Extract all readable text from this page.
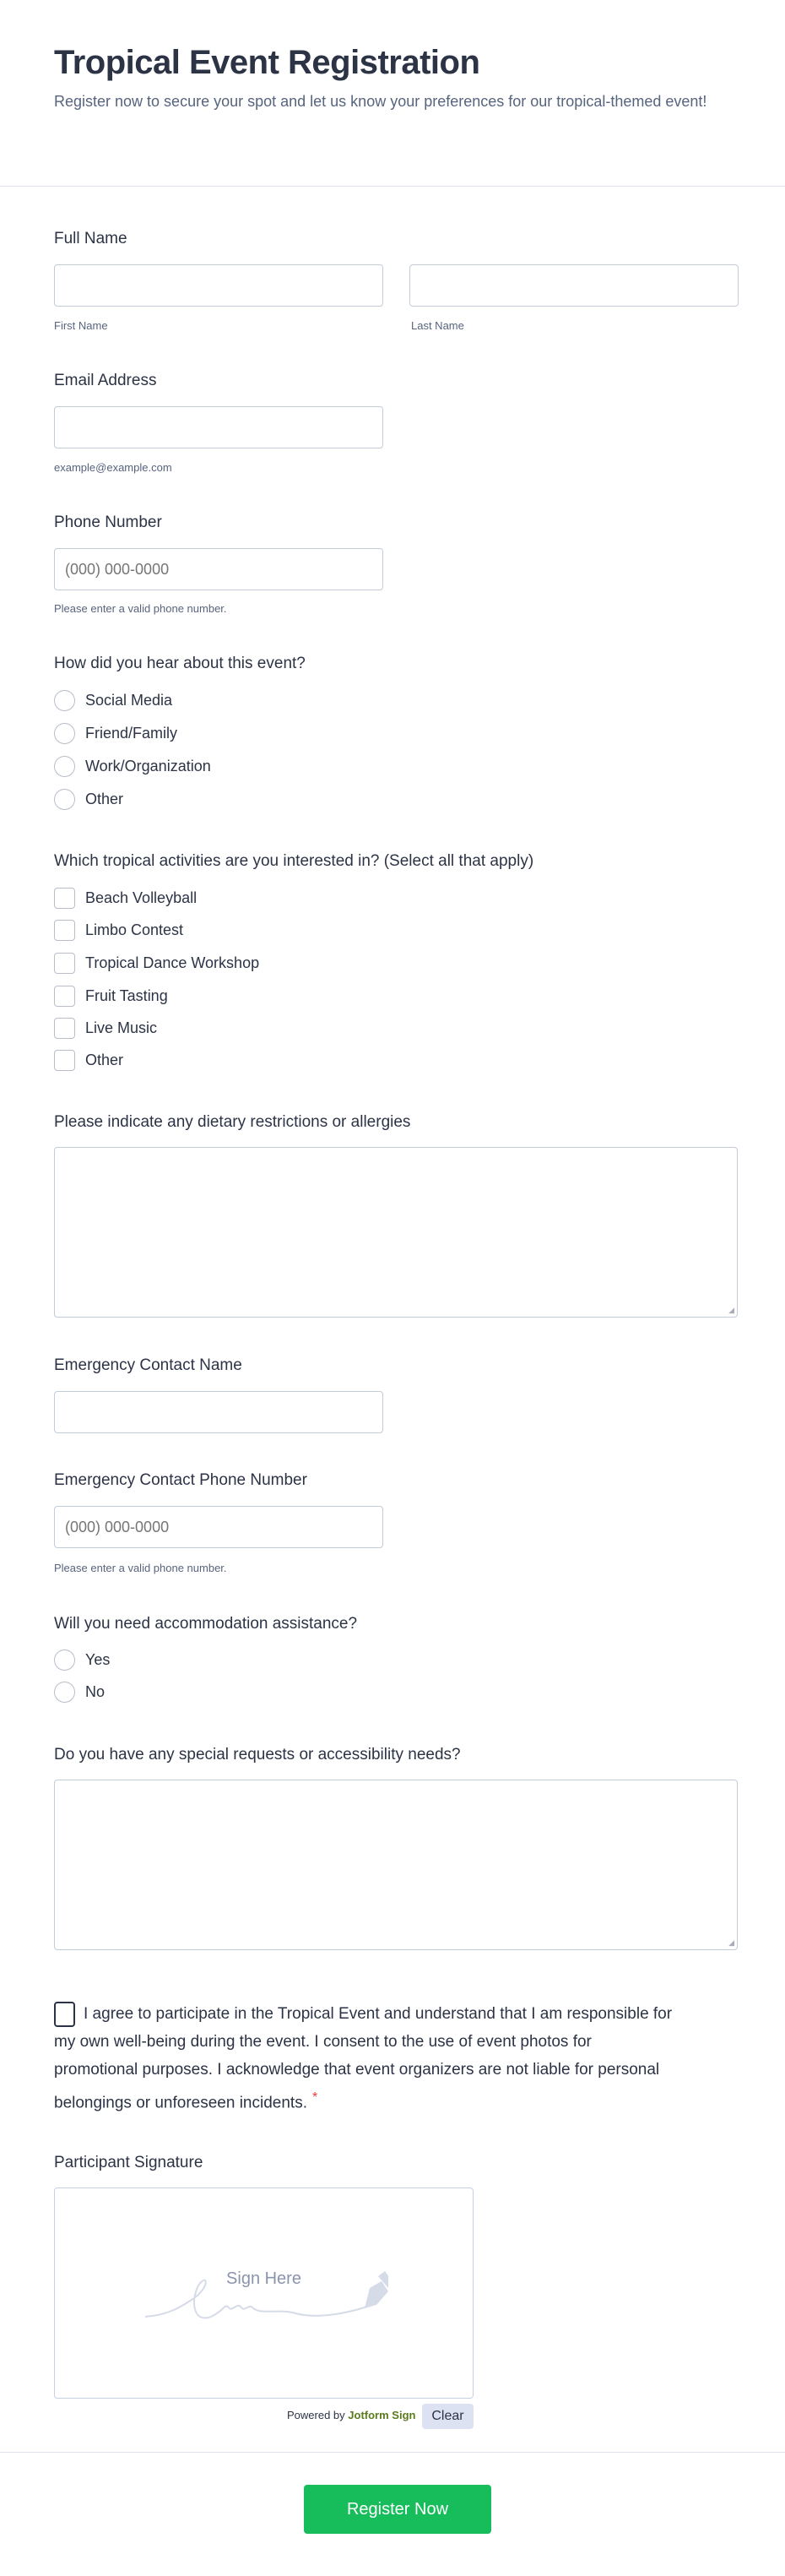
Tropical Event Registration
Register now to secure your spot and let us know your preferences for our tropical-themed event!
Full Name
First Name	Last Name
Email Address
example@example.com
Phone Number
(000) 000-0000
Please enter a valid phone number.
How did you hear about this event?
Social Media
Friend/Family
Work/Organization
Other
Which tropical activities are you interested in? (Select all that apply)
Beach Volleyball
Limbo Contest
Tropical Dance Workshop
Fruit Tasting
Live Music
Other
Please indicate any dietary restrictions or allergies
◢
Emergency Contact Name
Emergency Contact Phone Number
(000) 000-0000
Please enter a valid phone number.
Will you need accommodation assistance?
Yes
No
Do you have any special requests or accessibility needs?
◢
I agree to participate in the Tropical Event and understand that I am responsible for my own well-being during the event. I consent to the use of event photos for promotional purposes. I acknowledge that event organizers are not liable for personal belongings or unforeseen incidents. *
Participant Signature
Sign Here
Powered by Jotform Sign	Clear
Register Now
